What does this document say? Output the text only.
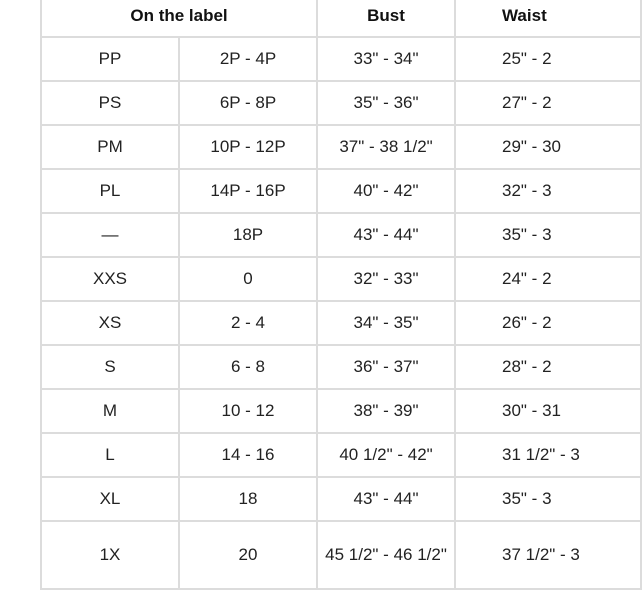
On the label		Bust	Waist
PP	2P - 4P	33" - 34"	25" - 2
PS	6P - 8P	35" - 36"	27" - 2
PM	10P - 12P	37" - 38 1/2"	29" - 30
PL	14P - 16P	40" - 42"	32" - 3
—	18P	43" - 44"	35" - 3
XXS	0	32" - 33"	24" - 2
XS	2 - 4	34" - 35"	26" - 2
S	6 - 8	36" - 37"	28" - 2
M	10 - 12	38" - 39"	30" - 31
L	14 - 16	40 1/2" - 42"	31 1/2" - 3
XL	18	43" - 44"	35" - 3
1X	20	45 1/2" - 46 1/2"	37 1/2" - 3
